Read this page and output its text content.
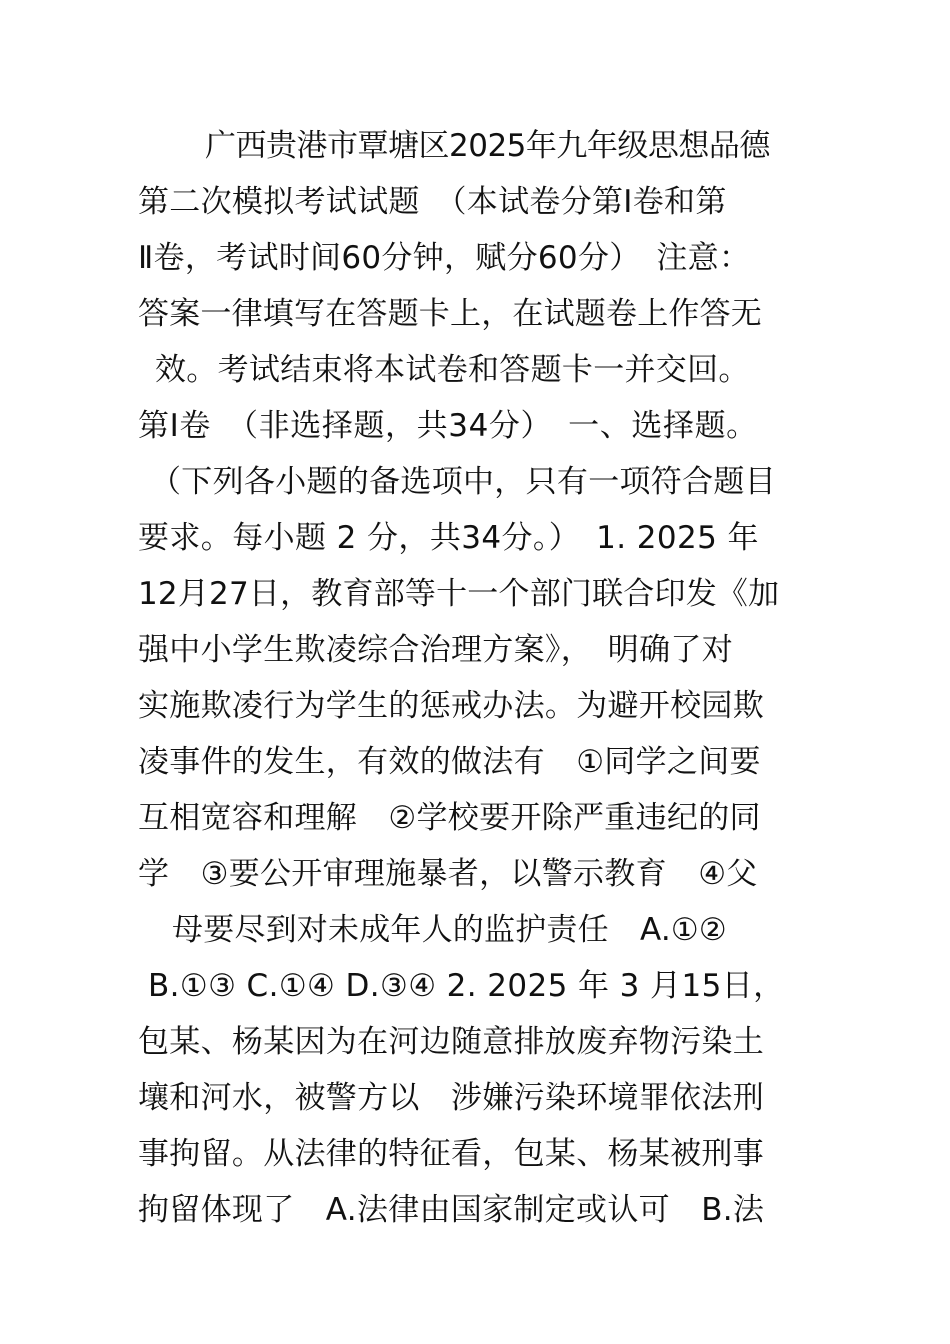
广西贵港市覃塘区2025年九年级思想品德
第二次模拟考试试题　（本试卷分第Ⅰ卷和第
Ⅱ卷，考试时间60分钟，赋分60分）　注意：
答案一律填写在答题卡上，在试题卷上作答无
效。考试结束将本试卷和答题卡一并交回。
第Ⅰ卷　（非选择题，共34分）　一、选择题。
（下列各小题的备选项中，只有一项符合题目
要求。每小题 2 分，共34分。）　1. 2025 年
12月27日，教育部等十一个部门联合印发《加
强中小学生欺凌综合治理方案》，　明确了对
实施欺凌行为学生的惩戒办法。为避开校园欺
凌事件的发生，有效的做法有　①同学之间要
互相宽容和理解　②学校要开除严重违纪的同
学　③要公开审理施暴者，以警示教育　④父
母要尽到对未成年人的监护责任　A.①②
B.①③ C.①④ D.③④ 2. 2025 年 3 月15日，
包某、杨某因为在河边随意排放废弃物污染土
壤和河水，被警方以　涉嫌污染环境罪依法刑
事拘留。从法律的特征看，包某、杨某被刑事
拘留体现了　A.法律由国家制定或认可　B.法
